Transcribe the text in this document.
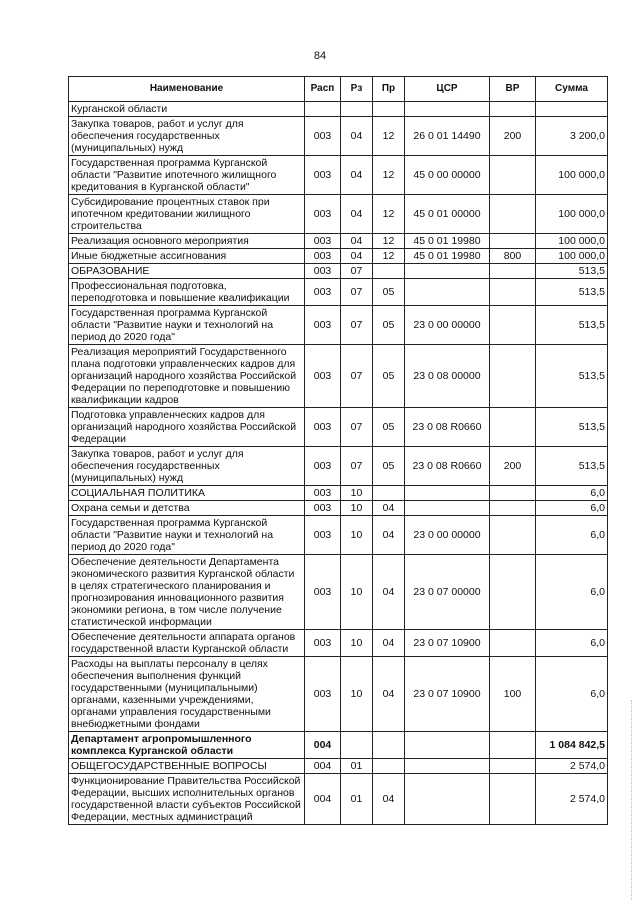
84
Наименование	Расп	Рз	Пр	ЦСР	ВР	Сумма
Курганской области						
Закупка товаров, работ и услуг для обеспечения государственных (муниципальных) нужд	003	04	12	26 0 01 14490	200	3 200,0
Государственная программа Курганской области "Развитие ипотечного жилищного кредитования в Курганской области"	003	04	12	45 0 00 00000		100 000,0
Субсидирование процентных ставок при ипотечном кредитовании жилищного строительства	003	04	12	45 0 01 00000		100 000,0
Реализация основного мероприятия	003	04	12	45 0 01 19980		100 000,0
Иные бюджетные ассигнования	003	04	12	45 0 01 19980	800	100 000,0
ОБРАЗОВАНИЕ	003	07				513,5
Профессиональная подготовка, переподготовка и повышение квалификации	003	07	05			513,5
Государственная программа Курганской области "Развитие науки и технологий на период до 2020 года"	003	07	05	23 0 00 00000		513,5
Реализация мероприятий Государственного плана подготовки управленческих кадров для организаций народного хозяйства Российской Федерации по переподготовке и повышению квалификации кадров	003	07	05	23 0 08 00000		513,5
Подготовка управленческих кадров для организаций народного хозяйства Российской Федерации	003	07	05	23 0 08 R0660		513,5
Закупка товаров, работ и услуг для обеспечения государственных (муниципальных) нужд	003	07	05	23 0 08 R0660	200	513,5
СОЦИАЛЬНАЯ ПОЛИТИКА	003	10				6,0
Охрана семьи и детства	003	10	04			6,0
Государственная программа Курганской области "Развитие науки и технологий на период до 2020 года"	003	10	04	23 0 00 00000		6,0
Обеспечение деятельности Департамента экономического развития Курганской области в целях стратегического планирования и прогнозирования инновационного развития экономики региона, в том числе получение статистической информации	003	10	04	23 0 07 00000		6,0
Обеспечение деятельности аппарата органов государственной власти Курганской области	003	10	04	23 0 07 10900		6,0
Расходы на выплаты персоналу в целях обеспечения выполнения функций государственными (муниципальными) органами, казенными учреждениями, органами управления государственными внебюджетными фондами	003	10	04	23 0 07 10900	100	6,0
Департамент агропромышленного комплекса Курганской области	004					1 084 842,5
ОБЩЕГОСУДАРСТВЕННЫЕ ВОПРОСЫ	004	01				2 574,0
Функционирование Правительства Российской Федерации, высших исполнительных органов государственной власти субъектов Российской Федерации, местных администраций	004	01	04			2 574,0
